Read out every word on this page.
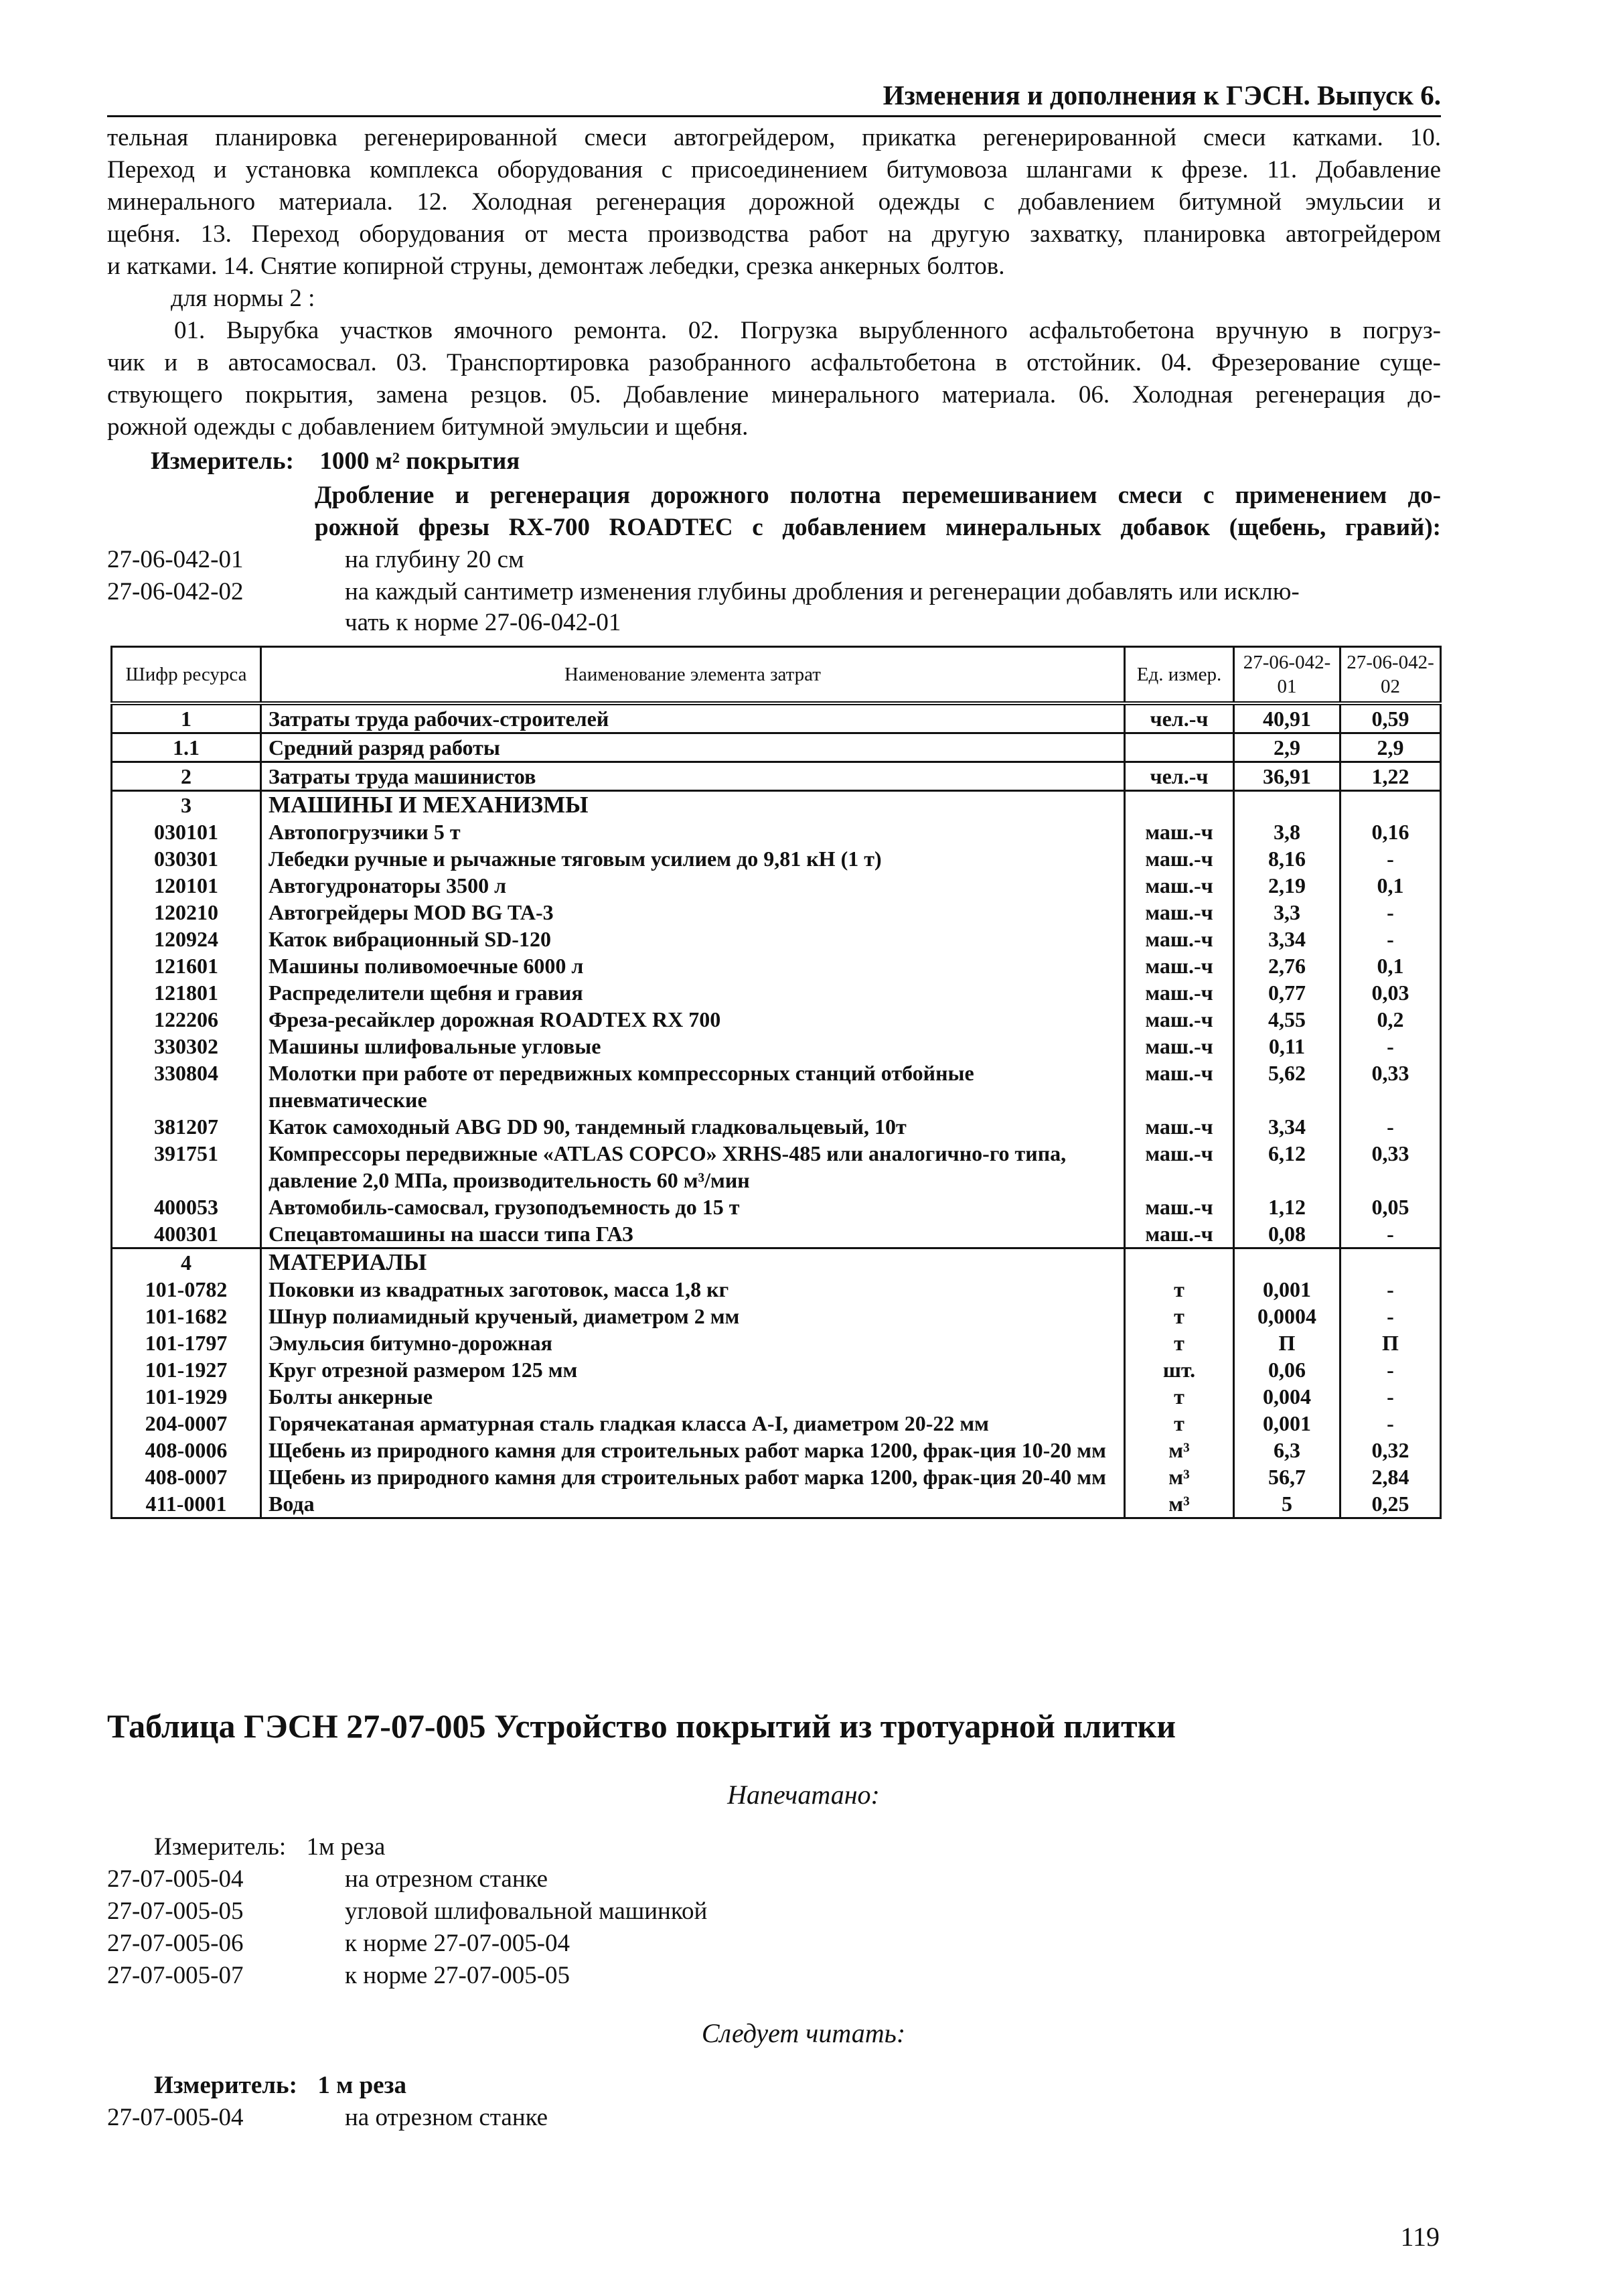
Изменения и дополнения к ГЭСН. Выпуск 6.
тельная планировка регенерированной смеси автогрейдером, прикатка регенерированной смеси катками. 10.
Переход и установка комплекса оборудования с присоединением битумовоза шлангами к фрезе. 11. Добавление
минерального материала. 12. Холодная регенерация дорожной одежды с добавлением битумной эмульсии и
щебня. 13. Переход оборудования от места производства работ на другую захватку, планировка автогрейдером
и катками. 14. Снятие копирной струны, демонтаж лебедки, срезка анкерных болтов.
для нормы 2 :
01. Вырубка участков ямочного ремонта. 02. Погрузка вырубленного асфальтобетона вручную в погруз-
чик и в автосамосвал. 03. Транспортировка разобранного асфальтобетона в отстойник. 04. Фрезерование суще-
ствующего покрытия, замена резцов. 05. Добавление минерального материала. 06. Холодная регенерация до-
рожной одежды с добавлением битумной эмульсии и щебня.
Измеритель: 1000 м² покрытия
Дробление и регенерация дорожного полотна перемешиванием смеси с применением до-
рожной фрезы RX-700 ROADTEC с добавлением минеральных добавок (щебень, гравий):
27-06-042-01	на глубину 20 см
27-06-042-02	на каждый сантиметр изменения глубины дробления и регенерации добавлять или исклю-
чать к норме 27-06-042-01
Шифр ресурса	Наименование элемента затрат	Ед. измер.	27-06-042-01	27-06-042-02
1	Затраты труда рабочих-строителей	чел.-ч	40,91	0,59
1.1	Средний разряд работы		2,9	2,9
2	Затраты труда машинистов	чел.-ч	36,91	1,22
3	МАШИНЫ И МЕХАНИЗМЫ			
030101	Автопогрузчики 5 т	маш.-ч	3,8	0,16
030301	Лебедки ручные и рычажные тяговым усилием до 9,81 кН (1 т)	маш.-ч	8,16	-
120101	Автогудронаторы 3500 л	маш.-ч	2,19	0,1
120210	Автогрейдеры MOD BG TA-3	маш.-ч	3,3	-
120924	Каток вибрационный SD-120	маш.-ч	3,34	-
121601	Машины поливомоечные 6000 л	маш.-ч	2,76	0,1
121801	Распределители щебня и гравия	маш.-ч	0,77	0,03
122206	Фреза-ресайклер дорожная ROADTEX RX 700	маш.-ч	4,55	0,2
330302	Машины шлифовальные угловые	маш.-ч	0,11	-
330804	Молотки при работе от передвижных компрессорных станций отбойные пневматические	маш.-ч	5,62	0,33
381207	Каток самоходный ABG DD 90, тандемный гладковальцевый, 10т	маш.-ч	3,34	-
391751	Компрессоры передвижные «ATLAS COPCO» XRHS-485 или аналогично-го типа, давление 2,0 МПа, производительность 60 м³/мин	маш.-ч	6,12	0,33
400053	Автомобиль-самосвал, грузоподъемность до 15 т	маш.-ч	1,12	0,05
400301	Спецавтомашины на шасси типа ГАЗ	маш.-ч	0,08	-
4	МАТЕРИАЛЫ			
101-0782	Поковки из квадратных заготовок, масса 1,8 кг	т	0,001	-
101-1682	Шнур полиамидный крученый, диаметром 2 мм	т	0,0004	-
101-1797	Эмульсия битумно-дорожная	т	П	П
101-1927	Круг отрезной размером 125 мм	шт.	0,06	-
101-1929	Болты анкерные	т	0,004	-
204-0007	Горячекатаная арматурная сталь гладкая класса A-I, диаметром 20-22 мм	т	0,001	-
408-0006	Щебень из природного камня для строительных работ марка 1200, фрак-ция 10-20 мм	м³	6,3	0,32
408-0007	Щебень из природного камня для строительных работ марка 1200, фрак-ция 20-40 мм	м³	56,7	2,84
411-0001	Вода	м³	5	0,25
Таблица ГЭСН 27-07-005 Устройство покрытий из тротуарной плитки
Напечатано:
Измеритель: 1м реза
27-07-005-04	на отрезном станке
27-07-005-05	угловой шлифовальной машинкой
27-07-005-06	к норме 27-07-005-04
27-07-005-07	к норме 27-07-005-05
Следует читать:
Измеритель: 1 м реза
27-07-005-04	на отрезном станке
119
